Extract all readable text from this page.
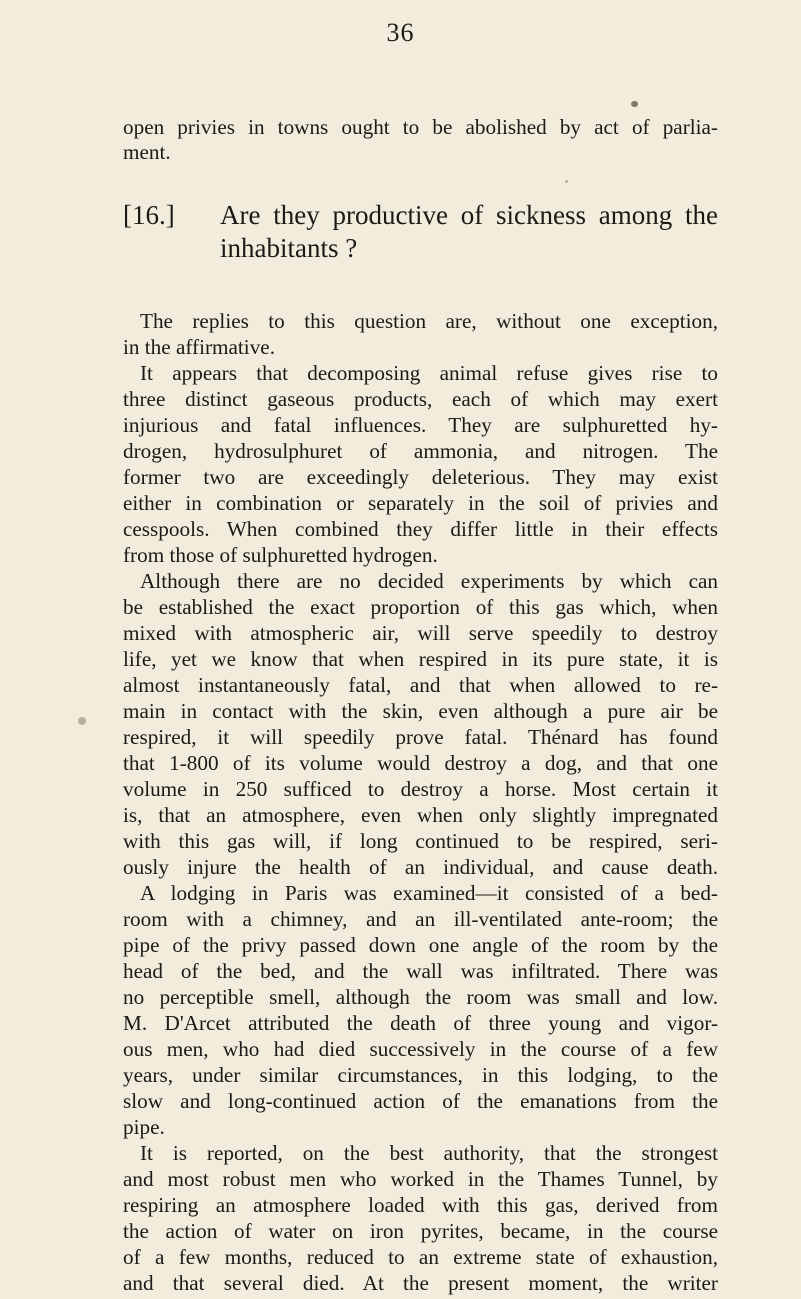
36
open privies in towns ought to be abolished by act of parlia-
ment.
[16.]	Are they productive of sickness among the
inhabitants ?
The replies to this question are, without one exception,
in the affirmative.
It appears that decomposing animal refuse gives rise to
three distinct gaseous products, each of which may exert
injurious and fatal influences. They are sulphuretted hy-
drogen, hydrosulphuret of ammonia, and nitrogen. The
former two are exceedingly deleterious. They may exist
either in combination or separately in the soil of privies and
cesspools. When combined they differ little in their effects
from those of sulphuretted hydrogen.
Although there are no decided experiments by which can
be established the exact proportion of this gas which, when
mixed with atmospheric air, will serve speedily to destroy
life, yet we know that when respired in its pure state, it is
almost instantaneously fatal, and that when allowed to re-
main in contact with the skin, even although a pure air be
respired, it will speedily prove fatal. Thénard has found
that 1-800 of its volume would destroy a dog, and that one
volume in 250 sufficed to destroy a horse. Most certain it
is, that an atmosphere, even when only slightly impregnated
with this gas will, if long continued to be respired, seri-
ously injure the health of an individual, and cause death.
A lodging in Paris was examined—it consisted of a bed-
room with a chimney, and an ill-ventilated ante-room; the
pipe of the privy passed down one angle of the room by the
head of the bed, and the wall was infiltrated. There was
no perceptible smell, although the room was small and low.
M. D'Arcet attributed the death of three young and vigor-
ous men, who had died successively in the course of a few
years, under similar circumstances, in this lodging, to the
slow and long-continued action of the emanations from the
pipe.
It is reported, on the best authority, that the strongest
and most robust men who worked in the Thames Tunnel, by
respiring an atmosphere loaded with this gas, derived from
the action of water on iron pyrites, became, in the course
of a few months, reduced to an extreme state of exhaustion,
and that several died. At the present moment, the writer
